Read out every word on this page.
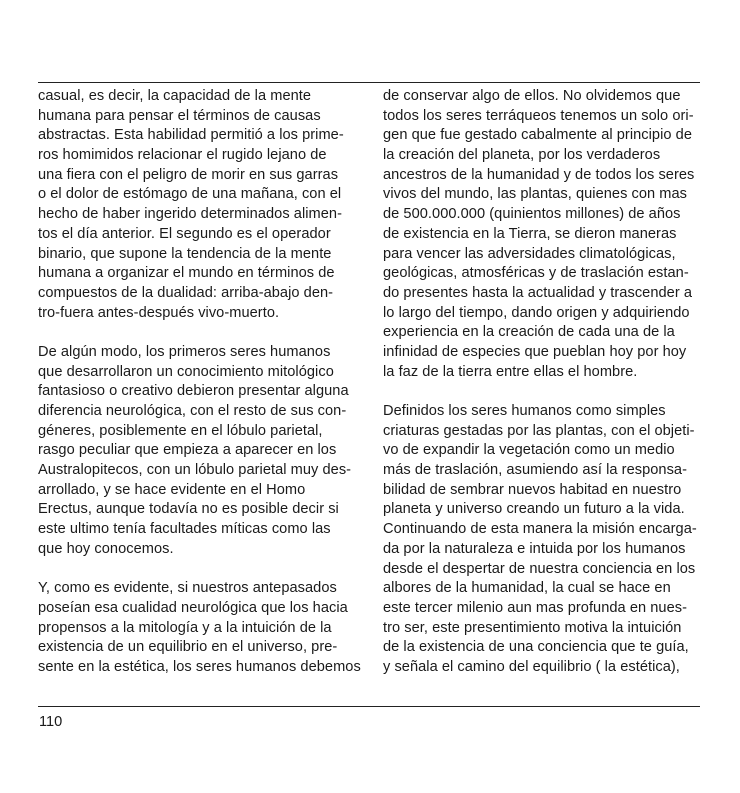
casual, es decir, la capacidad de la mente
humana para pensar el términos de causas
abstractas. Esta habilidad permitió a los prime-
ros homimidos relacionar el rugido lejano de
una fiera con el peligro de morir en sus garras
o el dolor de estómago de una mañana, con el
hecho de haber ingerido determinados alimen-
tos el día anterior. El segundo es el operador
binario, que supone la tendencia de la mente
humana a organizar el mundo en términos de
compuestos de la dualidad: arriba-abajo den-
tro-fuera antes-después vivo-muerto.
De algún modo, los primeros seres humanos
que desarrollaron un conocimiento mitológico
fantasioso o creativo debieron presentar alguna
diferencia neurológica, con el resto de sus con-
géneres, posiblemente en el lóbulo parietal,
rasgo peculiar que empieza a aparecer en los
Australopitecos, con un lóbulo parietal muy des-
arrollado, y se hace evidente en el Homo
Erectus, aunque todavía no es posible decir si
este ultimo tenía facultades míticas como las
que hoy conocemos.
Y, como es evidente, si nuestros antepasados
poseían esa cualidad neurológica que los hacia
propensos a la mitología y a la intuición de la
existencia de un equilibrio en el universo, pre-
sente en la estética, los seres humanos debemos
de conservar algo de ellos. No olvidemos que
todos los seres terráqueos tenemos un solo ori-
gen que fue gestado cabalmente al principio de
la creación del planeta, por los verdaderos
ancestros de la humanidad y de todos los seres
vivos del mundo, las plantas, quienes con mas
de 500.000.000 (quinientos millones) de años
de existencia en la Tierra, se dieron maneras
para vencer las adversidades climatológicas,
geológicas, atmosféricas y de traslación estan-
do presentes hasta la actualidad y trascender a
lo largo del tiempo, dando origen y adquiriendo
experiencia en la creación de cada una de la
infinidad de especies que pueblan hoy por hoy
la faz de la tierra entre ellas el hombre.
Definidos los seres humanos como simples
criaturas gestadas por las plantas, con el objeti-
vo de expandir la vegetación como un medio
más de traslación, asumiendo así la responsa-
bilidad de sembrar nuevos habitad en nuestro
planeta y universo creando un futuro a la vida.
Continuando de esta manera la misión encarga-
da por la naturaleza e intuida por los humanos
desde el despertar de nuestra conciencia en los
albores de la humanidad, la cual se hace en
este tercer milenio aun mas profunda en nues-
tro ser, este presentimiento motiva la intuición
de la existencia de una conciencia que te guía,
y señala el camino del equilibrio ( la estética),
110
